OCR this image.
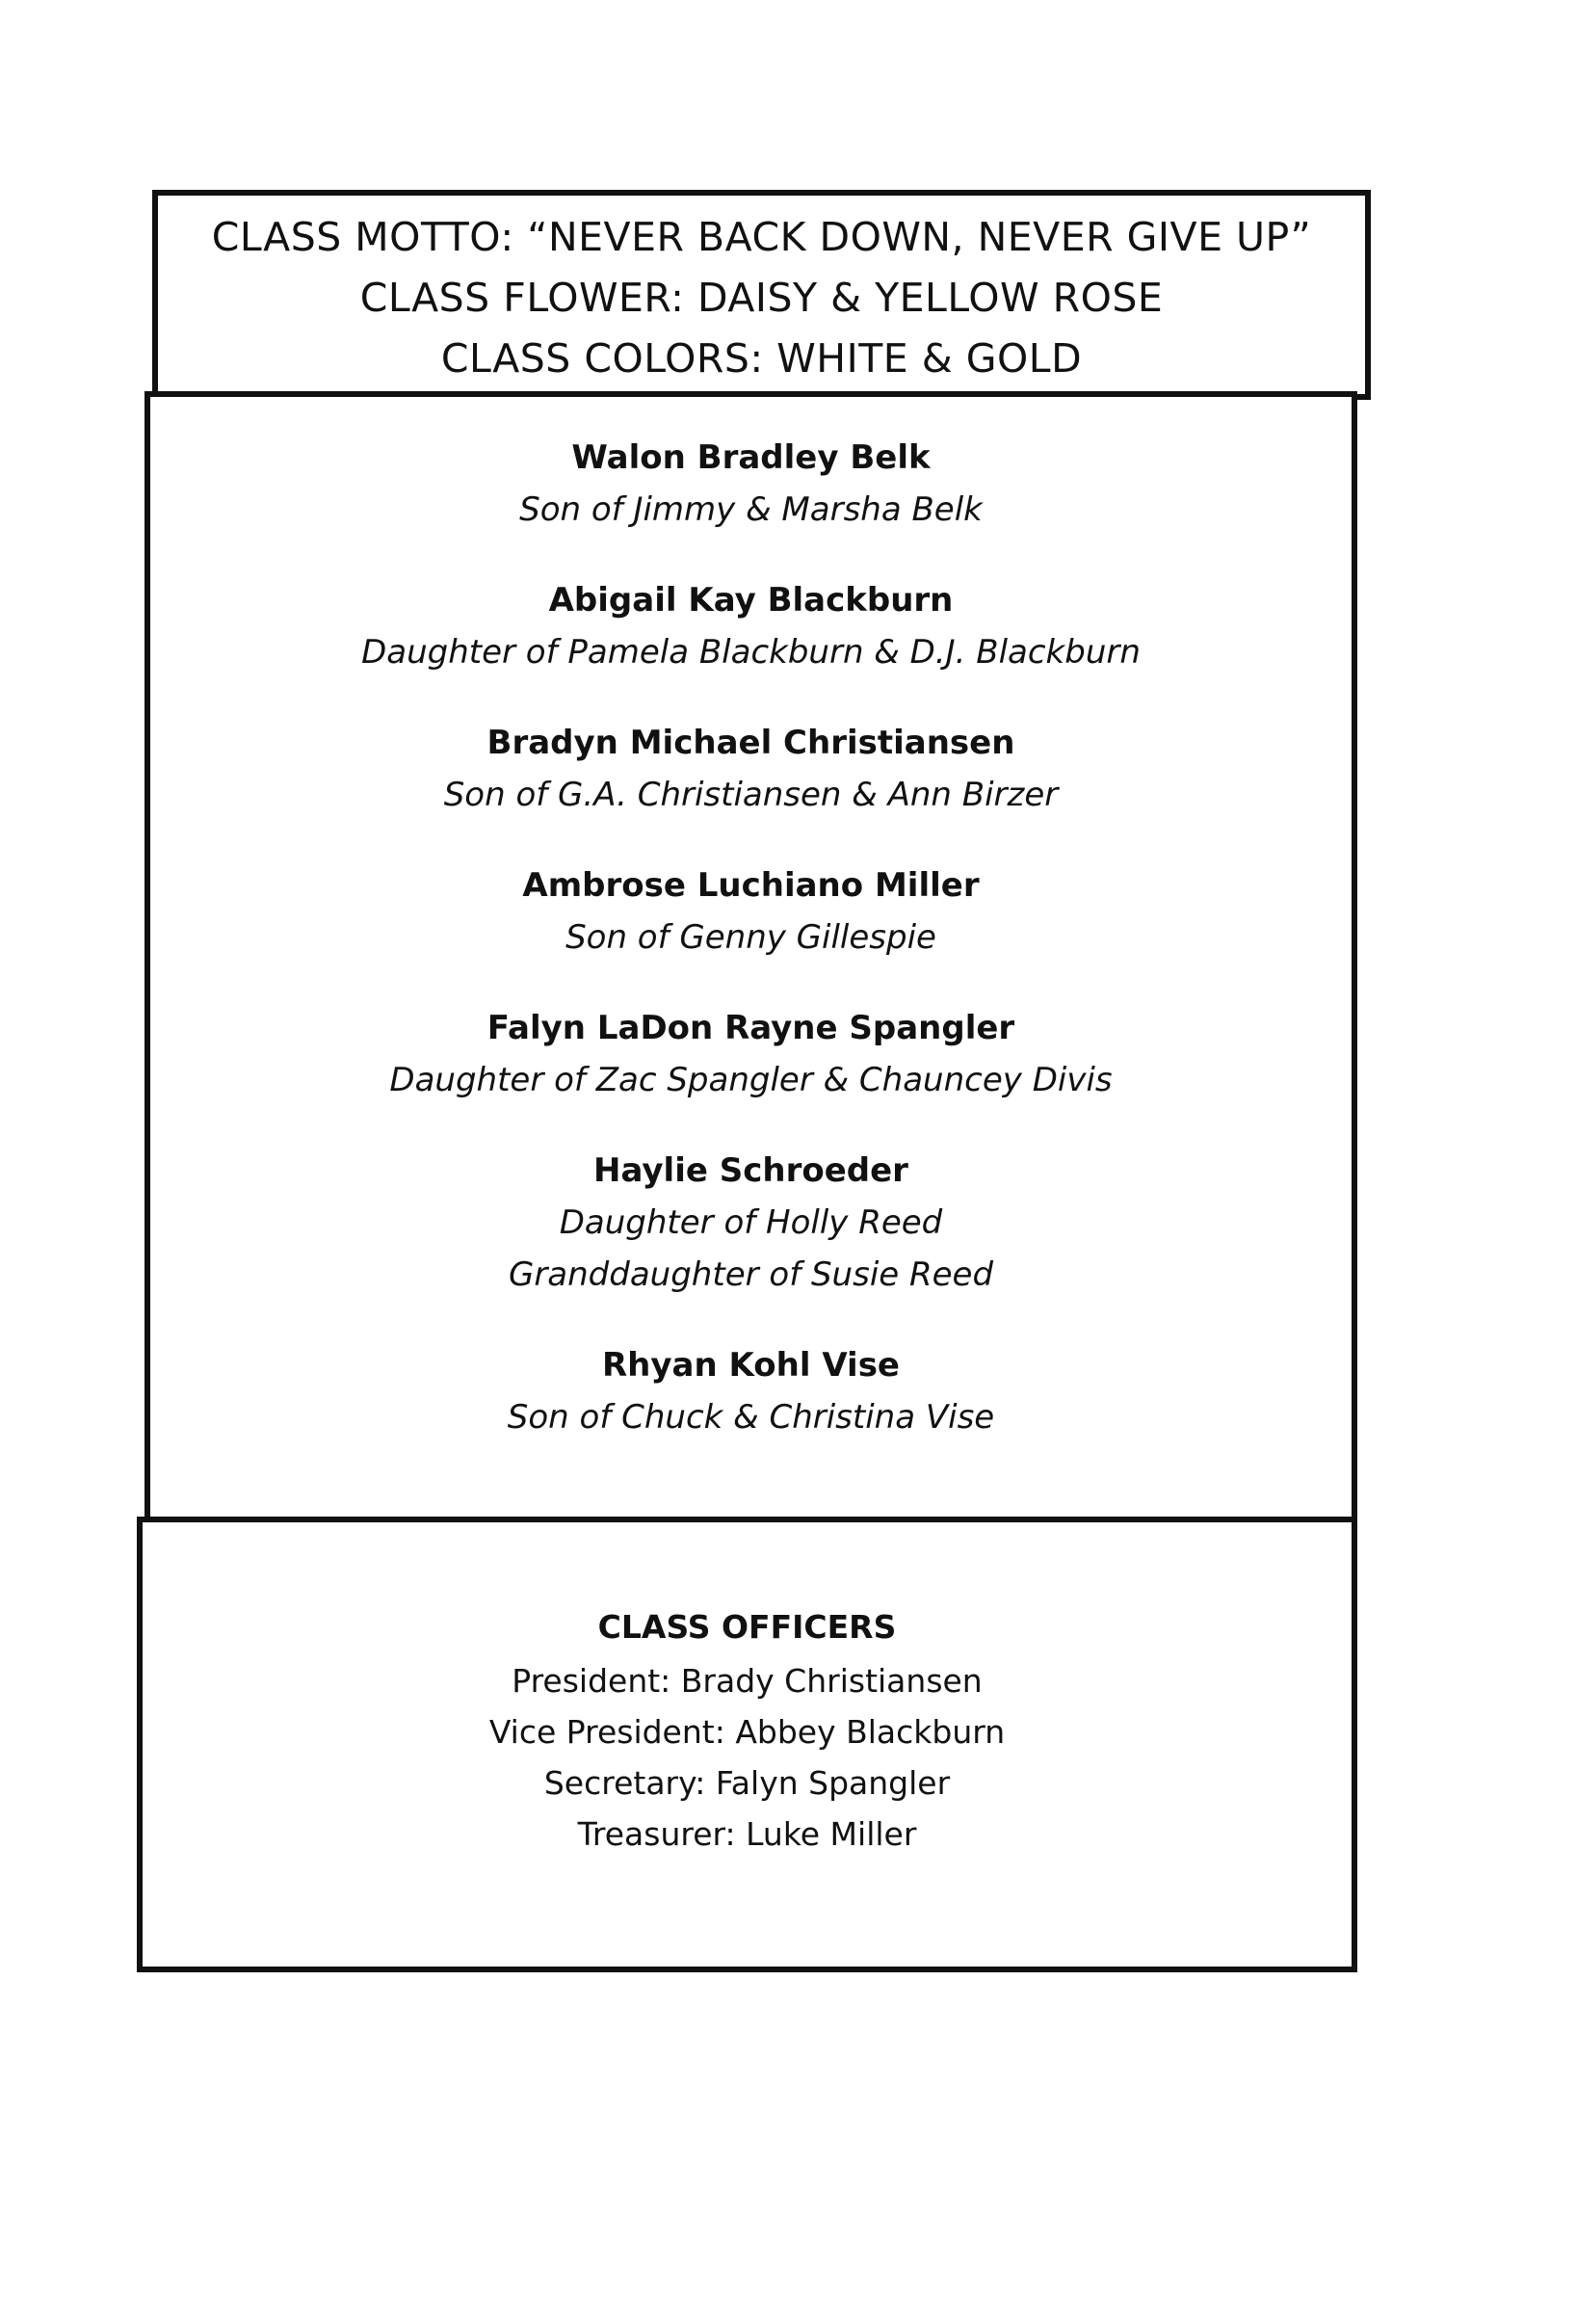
CLASS MOTTO: “NEVER BACK DOWN, NEVER GIVE UP”
CLASS FLOWER: DAISY & YELLOW ROSE
CLASS COLORS: WHITE & GOLD
Walon Bradley Belk
Son of Jimmy & Marsha Belk
Abigail Kay Blackburn
Daughter of Pamela Blackburn & D.J. Blackburn
Bradyn Michael Christiansen
Son of G.A. Christiansen & Ann Birzer
Ambrose Luchiano Miller
Son of Genny Gillespie
Falyn LaDon Rayne Spangler
Daughter of Zac Spangler & Chauncey Divis
Haylie Schroeder
Daughter of Holly Reed
Granddaughter of Susie Reed
Rhyan Kohl Vise
Son of Chuck & Christina Vise
CLASS OFFICERS
President: Brady Christiansen
Vice President: Abbey Blackburn
Secretary: Falyn Spangler
Treasurer: Luke Miller
